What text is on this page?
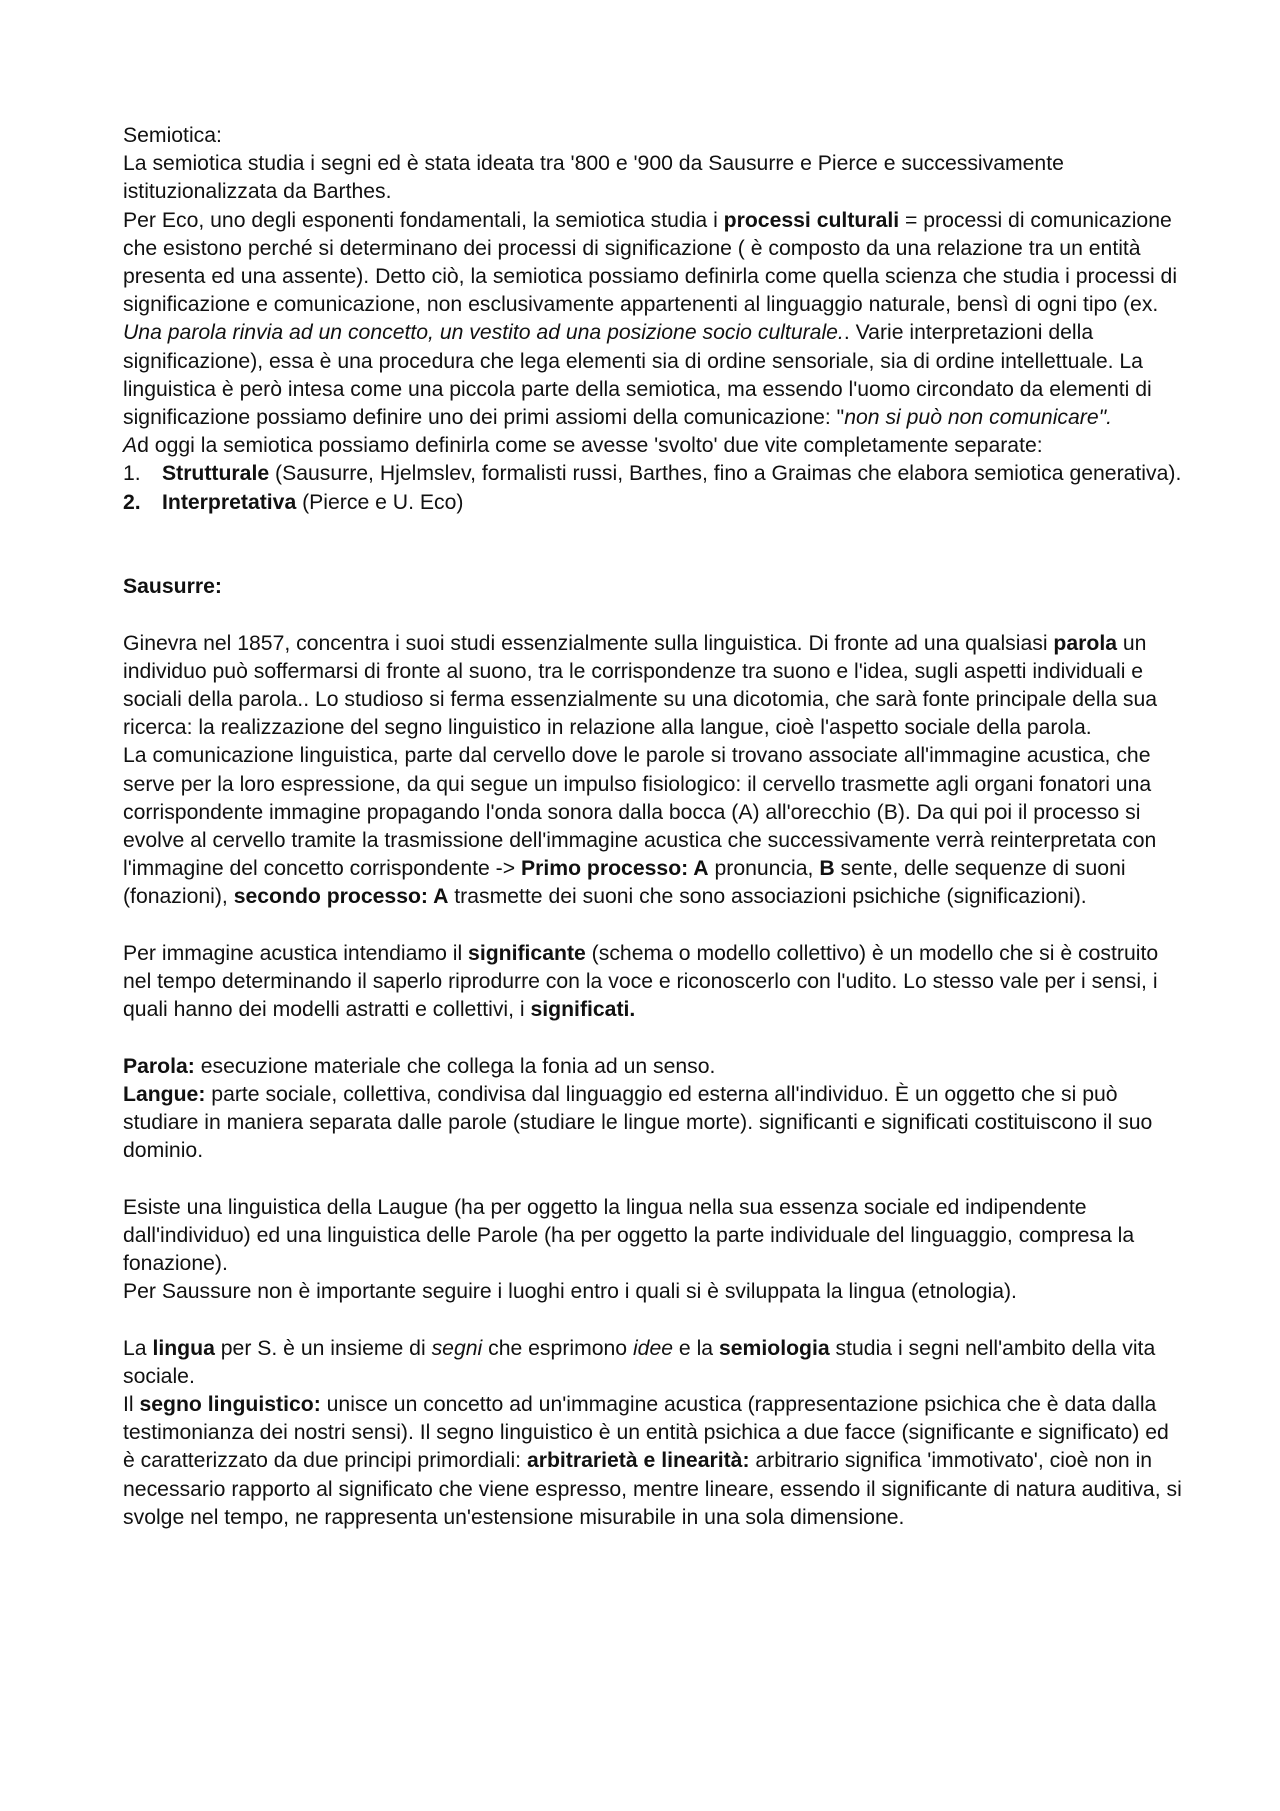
Semiotica:

La semiotica studia i segni ed è stata ideata tra '800 e '900 da Sausurre e Pierce e successivamente istituzionalizzata da Barthes.

Per Eco, uno degli esponenti fondamentali, la semiotica studia i processi culturali = processi di comunicazione che esistono perché si determinano dei processi di significazione ( è composto da una relazione tra un entità presenta ed una assente). Detto ciò, la semiotica possiamo definirla come quella scienza che studia i processi di significazione e comunicazione, non esclusivamente appartenenti al linguaggio naturale, bensì di ogni tipo (ex. Una parola rinvia ad un concetto, un vestito ad una posizione socio culturale.. Varie interpretazioni della significazione), essa è una procedura che lega elementi sia di ordine sensoriale, sia di ordine intellettuale. La linguistica è però intesa come una piccola parte della semiotica, ma essendo l'uomo circondato da elementi di significazione possiamo definire uno dei primi assiomi della comunicazione: "non si può non comunicare".

Ad oggi la semiotica possiamo definirla come se avesse 'svolto' due vite completamente separate:

1. Strutturale (Sausurre, Hjelmslev, formalisti russi, Barthes, fino a Graimas che elabora semiotica generativa).
2. Interpretativa (Pierce e U. Eco)

Sausurre:

Ginevra nel 1857, concentra i suoi studi essenzialmente sulla linguistica. Di fronte ad una qualsiasi parola un individuo può soffermarsi di fronte al suono, tra le corrispondenze tra suono e l'idea, sugli aspetti individuali e sociali della parola.. Lo studioso si ferma essenzialmente su una dicotomia, che sarà fonte principale della sua ricerca: la realizzazione del segno linguistico in relazione alla langue, cioè l'aspetto sociale della parola.

La comunicazione linguistica, parte dal cervello dove le parole si trovano associate all'immagine acustica, che serve per la loro espressione, da qui segue un impulso fisiologico: il cervello trasmette agli organi fonatori una corrispondente immagine propagando l'onda sonora dalla bocca (A) all'orecchio (B). Da qui poi il processo si evolve al cervello tramite la trasmissione dell'immagine acustica che successivamente verrà reinterpretata con l'immagine del concetto corrispondente -> Primo processo: A pronuncia, B sente, delle sequenze di suoni (fonazioni), secondo processo: A trasmette dei suoni che sono associazioni psichiche (significazioni).

Per immagine acustica intendiamo il significante (schema o modello collettivo) è un modello che si è costruito nel tempo determinando il saperlo riprodurre con la voce e riconoscerlo con l'udito. Lo stesso vale per i sensi, i quali hanno dei modelli astratti e collettivi, i significati.

Parola: esecuzione materiale che collega la fonia ad un senso.

Langue: parte sociale, collettiva, condivisa dal linguaggio ed esterna all'individuo. È un oggetto che si può studiare in maniera separata dalle parole (studiare le lingue morte). significanti e significati costituiscono il suo dominio.

Esiste una linguistica della Laugue (ha per oggetto la lingua nella sua essenza sociale ed indipendente dall'individuo) ed una linguistica delle Parole (ha per oggetto la parte individuale del linguaggio, compresa la fonazione).

Per Saussure non è importante seguire i luoghi entro i quali si è sviluppata la lingua (etnologia).

La lingua per S. è un insieme di segni che esprimono idee e la semiologia studia i segni nell'ambito della vita sociale.

Il segno linguistico: unisce un concetto ad un'immagine acustica (rappresentazione psichica che è data dalla testimonianza dei nostri sensi). Il segno linguistico è un entità psichica a due facce (significante e significato) ed è caratterizzato da due principi primordiali: arbitrarietà e linearità: arbitrario significa 'immotivato', cioè non in necessario rapporto al significato che viene espresso, mentre lineare, essendo il significante di natura auditiva, si svolge nel tempo, ne rappresenta un'estensione misurabile in una sola dimensione.
